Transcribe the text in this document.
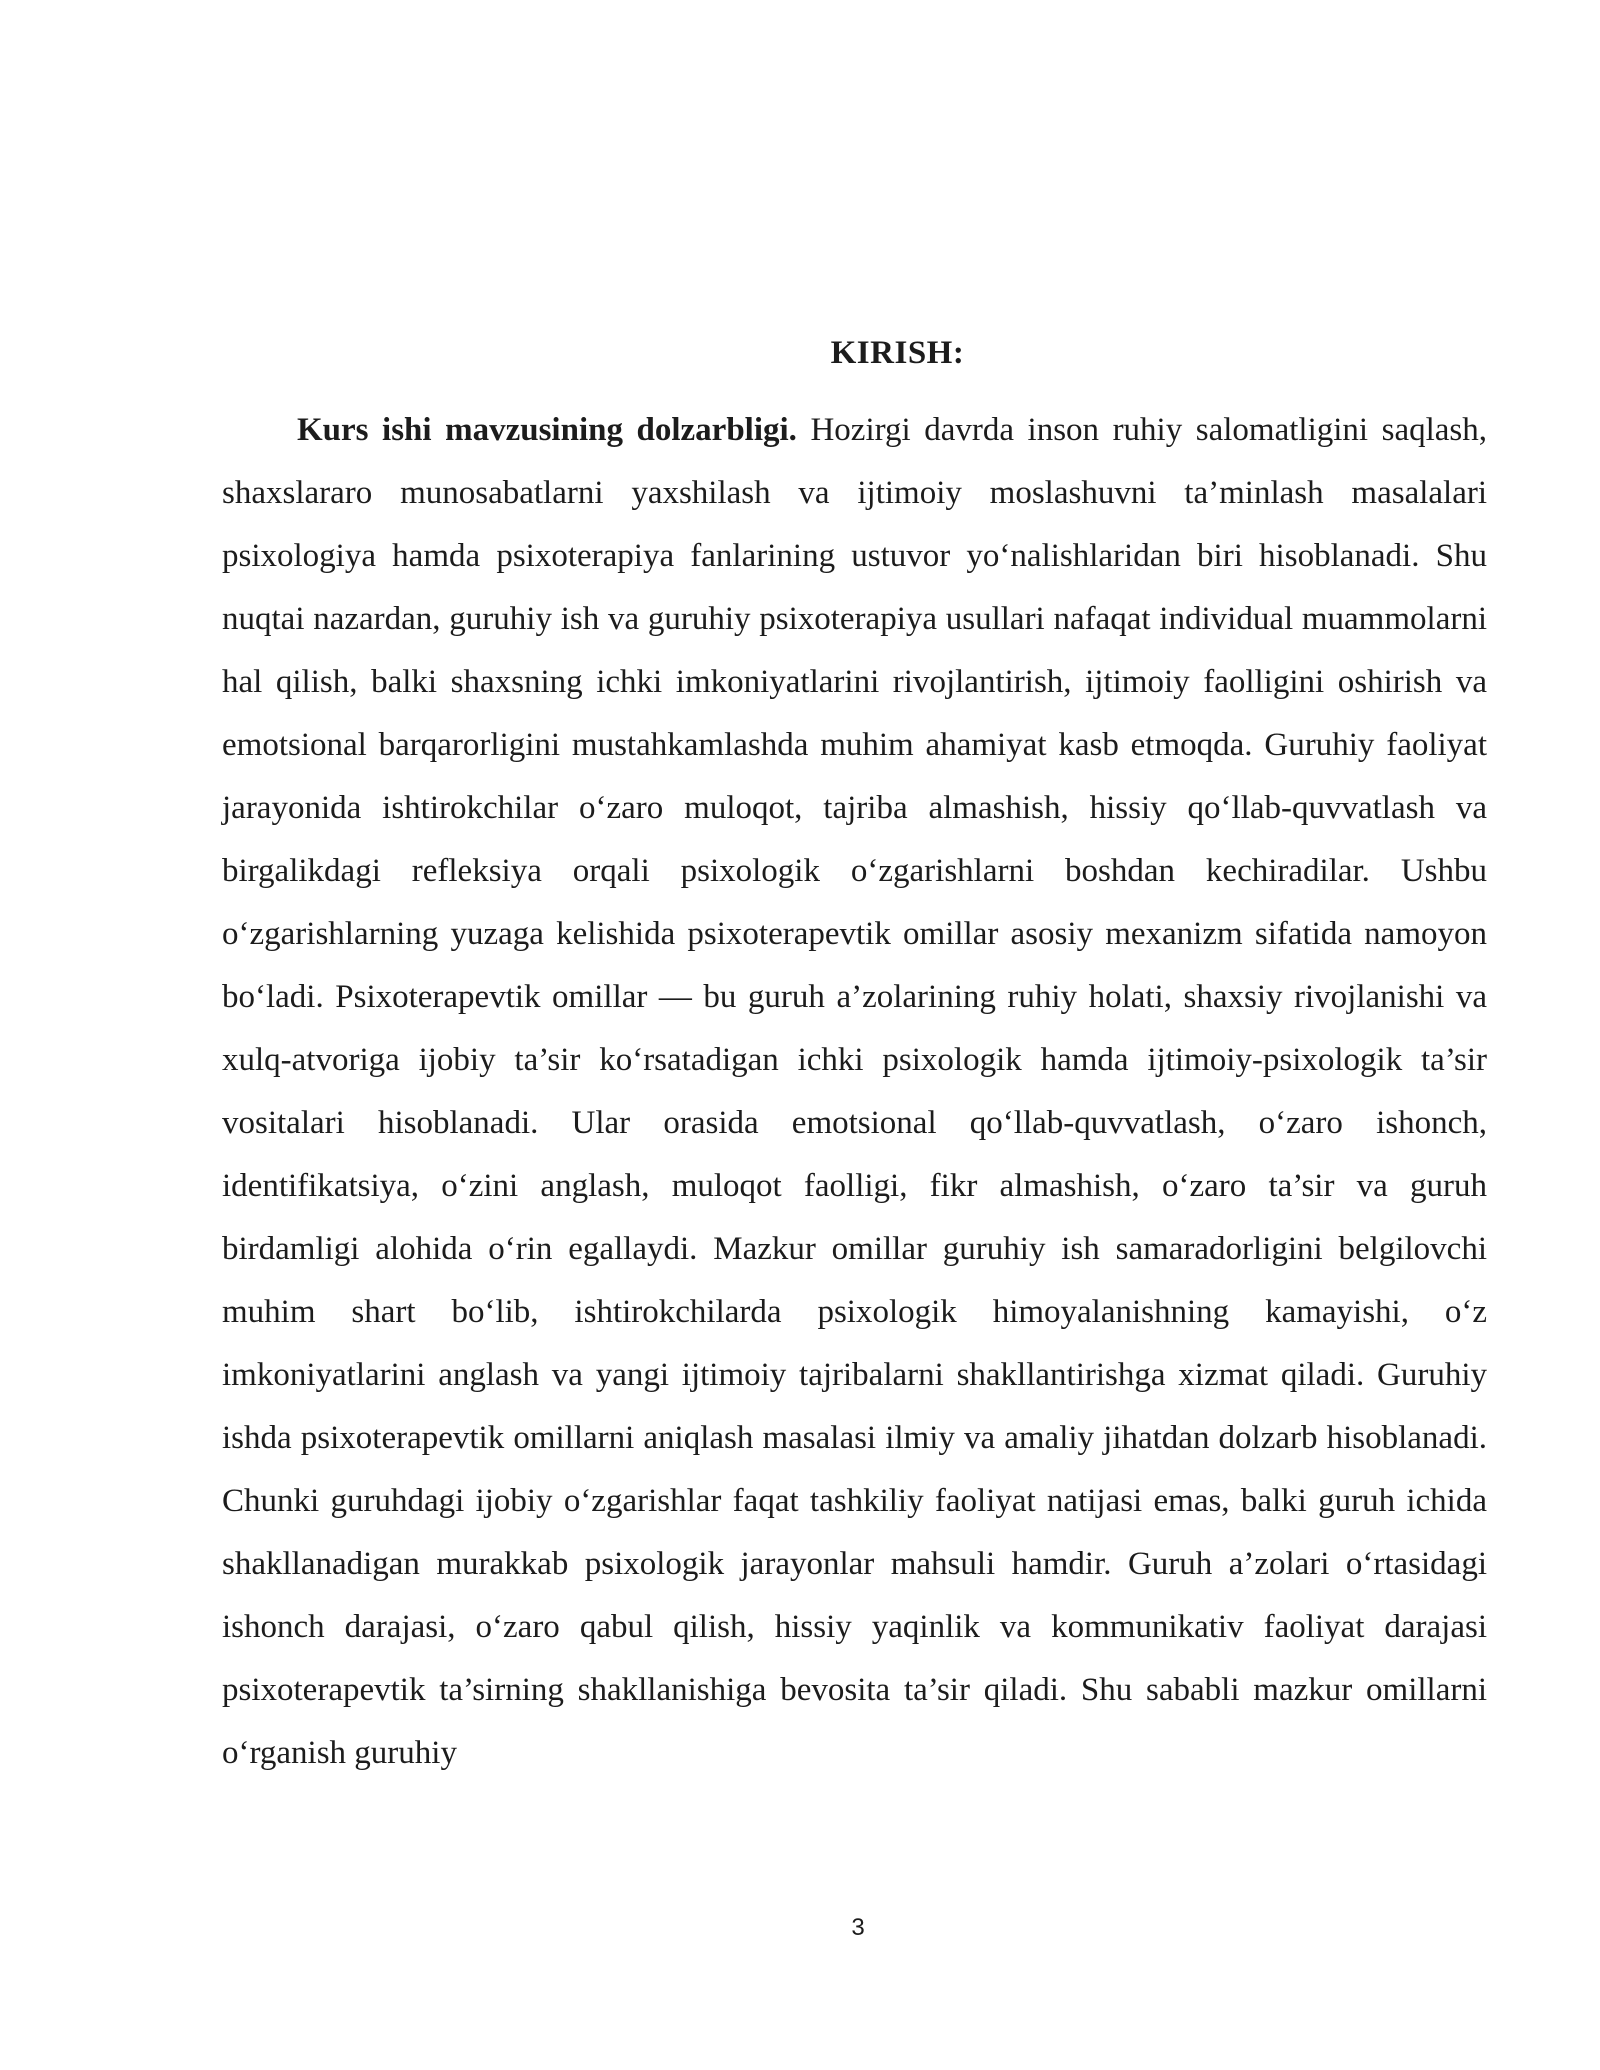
KIRISH:

Kurs ishi mavzusining dolzarbligi. Hozirgi davrda inson ruhiy salomatligini saqlash, shaxslararo munosabatlarni yaxshilash va ijtimoiy moslashuvni ta’minlash masalalari psixologiya hamda psixoterapiya fanlarining ustuvor yo‘nalishlaridan biri hisoblanadi. Shu nuqtai nazardan, guruhiy ish va guruhiy psixoterapiya usullari nafaqat individual muammolarni hal qilish, balki shaxsning ichki imkoniyatlarini rivojlantirish, ijtimoiy faolligini oshirish va emotsional barqarorligini mustahkamlashda muhim ahamiyat kasb etmoqda. Guruhiy faoliyat jarayonida ishtirokchilar o‘zaro muloqot, tajriba almashish, hissiy qo‘llab-quvvatlash va birgalikdagi refleksiya orqali psixologik o‘zgarishlarni boshdan kechiradilar. Ushbu o‘zgarishlarning yuzaga kelishida psixoterapevtik omillar asosiy mexanizm sifatida namoyon bo‘ladi. Psixoterapevtik omillar — bu guruh a’zolarining ruhiy holati, shaxsiy rivojlanishi va xulq-atvoriga ijobiy ta’sir ko‘rsatadigan ichki psixologik hamda ijtimoiy-psixologik ta’sir vositalari hisoblanadi. Ular orasida emotsional qo‘llab-quvvatlash, o‘zaro ishonch, identifikatsiya, o‘zini anglash, muloqot faolligi, fikr almashish, o‘zaro ta’sir va guruh birdamligi alohida o‘rin egallaydi. Mazkur omillar guruhiy ish samaradorligini belgilovchi muhim shart bo‘lib, ishtirokchilarda psixologik himoyalanishning kamayishi, o‘z imkoniyatlarini anglash va yangi ijtimoiy tajribalarni shakllantirishga xizmat qiladi. Guruhiy ishda psixoterapevtik omillarni aniqlash masalasi ilmiy va amaliy jihatdan dolzarb hisoblanadi. Chunki guruhdagi ijobiy o‘zgarishlar faqat tashkiliy faoliyat natijasi emas, balki guruh ichida shakllanadigan murakkab psixologik jarayonlar mahsuli hamdir. Guruh a’zolari o‘rtasidagi ishonch darajasi, o‘zaro qabul qilish, hissiy yaqinlik va kommunikativ faoliyat darajasi psixoterapevtik ta’sirning shakllanishiga bevosita ta’sir qiladi. Shu sababli mazkur omillarni o‘rganish guruhiy

3
